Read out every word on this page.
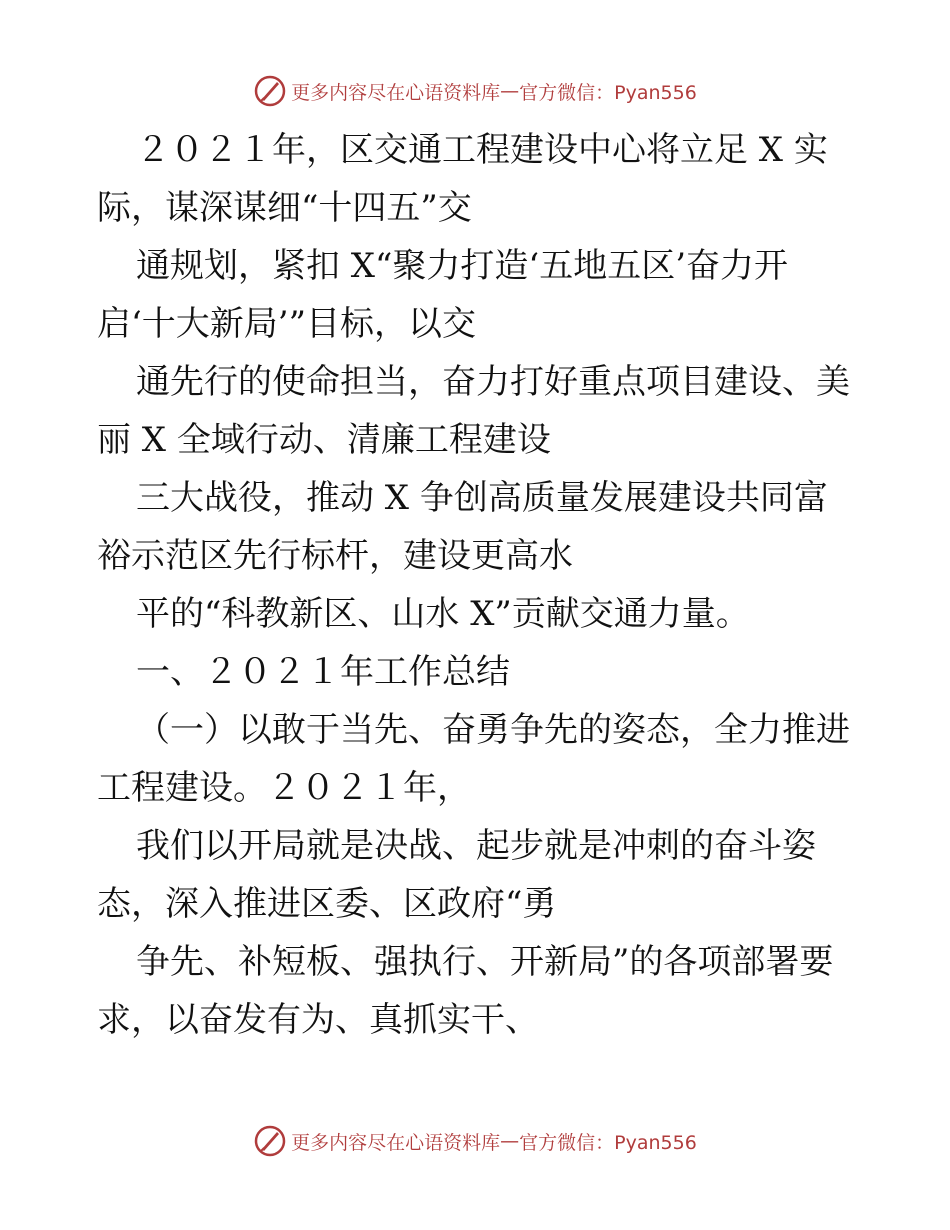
更多内容尽在心语资料库 — 官方微信：Pyan556
２０２１年，区交通工程建设中心将立足 X 实
际，谋深谋细“十四五”交
通规划，紧扣 X“聚力打造‘五地五区’奋力开
启‘十大新局’”目标，以交
通先行的使命担当，奋力打好重点项目建设、美
丽 X 全域行动、清廉工程建设
三大战役，推动 X 争创高质量发展建设共同富
裕示范区先行标杆，建设更高水
平的“科教新区、山水 X”贡献交通力量。
一、２０２１年工作总结
（一）以敢于当先、奋勇争先的姿态，全力推进
工程建设。２０２１年，
我们以开局就是决战、起步就是冲刺的奋斗姿
态，深入推进区委、区政府“勇
争先、补短板、强执行、开新局”的各项部署要
求，以奋发有为、真抓实干、
更多内容尽在心语资料库 — 官方微信：Pyan556
